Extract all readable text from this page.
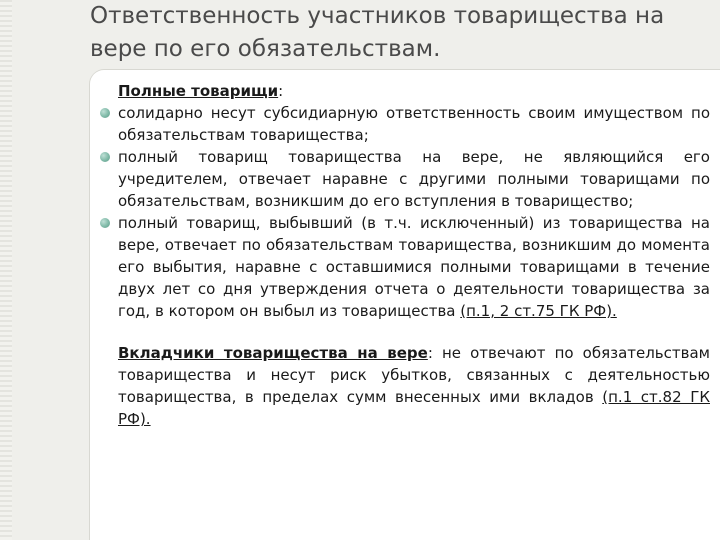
Ответственность участников товарищества на вере по его обязательствам.

Полные товарищи:

солидарно несут субсидиарную ответственность своим имуществом по обязательствам товарищества;
полный товарищ товарищества на вере, не являющийся его учредителем, отвечает наравне с другими полными товарищами по обязательствам, возникшим до его вступления в товарищество;
полный товарищ, выбывший (в т.ч. исключенный) из товарищества на вере, отвечает по обязательствам товарищества, возникшим до момента его выбытия, наравне с оставшимися полными товарищами в течение двух лет со дня утверждения отчета о деятельности товарищества за год, в котором он выбыл из товарищества (п.1, 2 ст.75 ГК РФ).

Вкладчики товарищества на вере: не отвечают по обязательствам товарищества и несут риск убытков, связанных с деятельностью товарищества, в пределах сумм внесенных ими вкладов (п.1 ст.82 ГК РФ).
